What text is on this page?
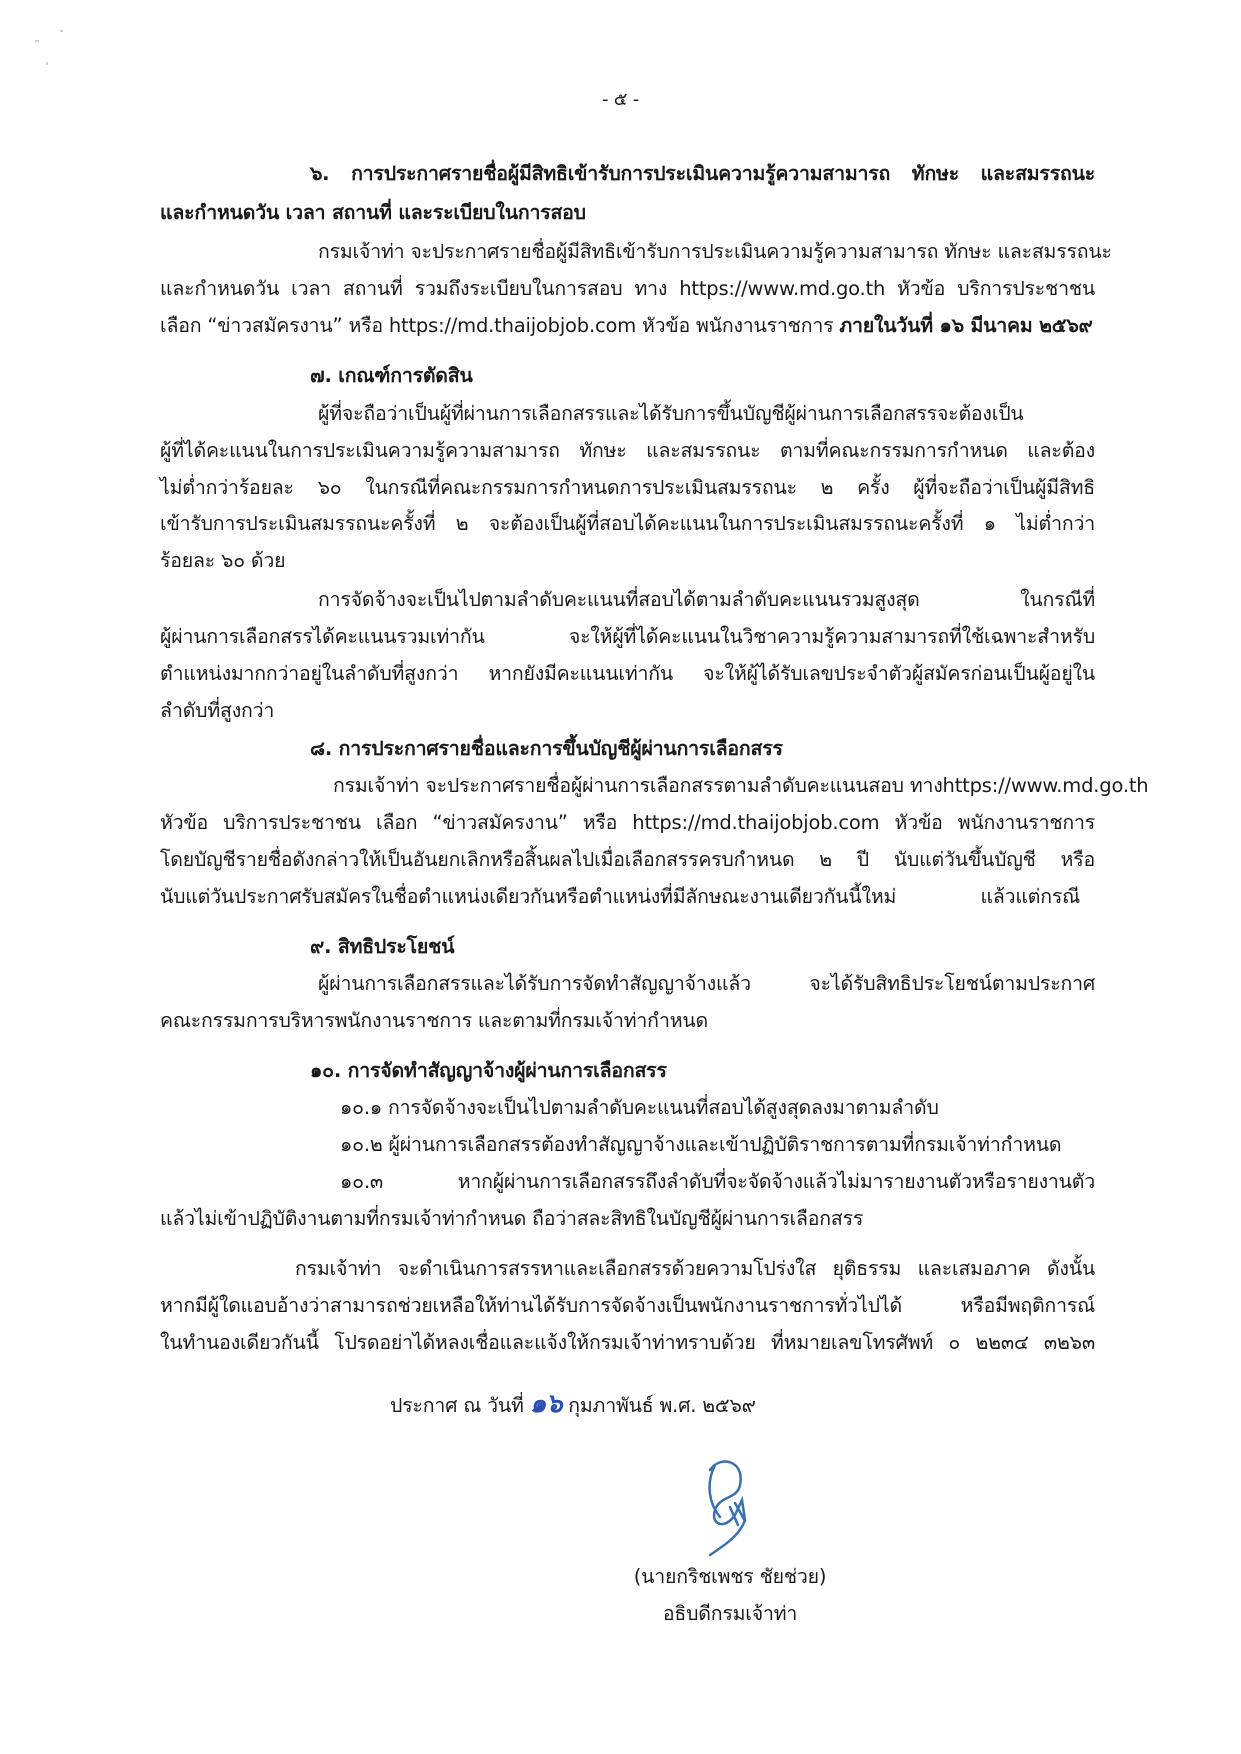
- ๕ -
๖. การประกาศรายชื่อผู้มีสิทธิเข้ารับการประเมินความรู้ความสามารถ ทักษะ และสมรรถนะ
และกำหนดวัน เวลา สถานที่ และระเบียบในการสอบ
กรมเจ้าท่า จะประกาศรายชื่อผู้มีสิทธิเข้ารับการประเมินความรู้ความสามารถ ทักษะ และสมรรถนะ
และกำหนดวัน เวลา สถานที่ รวมถึงระเบียบในการสอบ ทาง https://www.md.go.th หัวข้อ บริการประชาชน
เลือก “ข่าวสมัครงาน” หรือ https://md.thaijobjob.com หัวข้อ พนักงานราชการ ภายในวันที่ ๑๖ มีนาคม ๒๕๖๙
๗. เกณฑ์การตัดสิน
ผู้ที่จะถือว่าเป็นผู้ที่ผ่านการเลือกสรรและได้รับการขึ้นบัญชีผู้ผ่านการเลือกสรรจะต้องเป็น
ผู้ที่ได้คะแนนในการประเมินความรู้ความสามารถ ทักษะ และสมรรถนะ ตามที่คณะกรรมการกำหนด และต้อง
ไม่ต่ำกว่าร้อยละ ๖๐ ในกรณีที่คณะกรรมการกำหนดการประเมินสมรรถนะ ๒ ครั้ง ผู้ที่จะถือว่าเป็นผู้มีสิทธิ
เข้ารับการประเมินสมรรถนะครั้งที่ ๒ จะต้องเป็นผู้ที่สอบได้คะแนนในการประเมินสมรรถนะครั้งที่ ๑ ไม่ต่ำกว่า
ร้อยละ ๖๐ ด้วย
การจัดจ้างจะเป็นไปตามลำดับคะแนนที่สอบได้ตามลำดับคะแนนรวมสูงสุด ในกรณีที่
ผู้ผ่านการเลือกสรรได้คะแนนรวมเท่ากัน จะให้ผู้ที่ได้คะแนนในวิชาความรู้ความสามารถที่ใช้เฉพาะสำหรับ
ตำแหน่งมากกว่าอยู่ในลำดับที่สูงกว่า หากยังมีคะแนนเท่ากัน จะให้ผู้ได้รับเลขประจำตัวผู้สมัครก่อนเป็นผู้อยู่ใน
ลำดับที่สูงกว่า
๘. การประกาศรายชื่อและการขึ้นบัญชีผู้ผ่านการเลือกสรร
กรมเจ้าท่า จะประกาศรายชื่อผู้ผ่านการเลือกสรรตามลำดับคะแนนสอบ ทางhttps://www.md.go.th
หัวข้อ บริการประชาชน เลือก “ข่าวสมัครงาน” หรือ https://md.thaijobjob.com หัวข้อ พนักงานราชการ
โดยบัญชีรายชื่อดังกล่าวให้เป็นอันยกเลิกหรือสิ้นผลไปเมื่อเลือกสรรครบกำหนด ๒ ปี นับแต่วันขึ้นบัญชี หรือ
นับแต่วันประกาศรับสมัครในชื่อตำแหน่งเดียวกันหรือตำแหน่งที่มีลักษณะงานเดียวกันนี้ใหม่ แล้วแต่กรณี
๙. สิทธิประโยชน์
ผู้ผ่านการเลือกสรรและได้รับการจัดทำสัญญาจ้างแล้ว จะได้รับสิทธิประโยชน์ตามประกาศ
คณะกรรมการบริหารพนักงานราชการ และตามที่กรมเจ้าท่ากำหนด
๑๐. การจัดทำสัญญาจ้างผู้ผ่านการเลือกสรร
๑๐.๑ การจัดจ้างจะเป็นไปตามลำดับคะแนนที่สอบได้สูงสุดลงมาตามลำดับ
๑๐.๒ ผู้ผ่านการเลือกสรรต้องทำสัญญาจ้างและเข้าปฏิบัติราชการตามที่กรมเจ้าท่ากำหนด
๑๐.๓ หากผู้ผ่านการเลือกสรรถึงลำดับที่จะจัดจ้างแล้วไม่มารายงานตัวหรือรายงานตัว
แล้วไม่เข้าปฏิบัติงานตามที่กรมเจ้าท่ากำหนด ถือว่าสละสิทธิในบัญชีผู้ผ่านการเลือกสรร
กรมเจ้าท่า จะดำเนินการสรรหาและเลือกสรรด้วยความโปร่งใส ยุติธรรม และเสมอภาค ดังนั้น
หากมีผู้ใดแอบอ้างว่าสามารถช่วยเหลือให้ท่านได้รับการจัดจ้างเป็นพนักงานราชการทั่วไปได้ หรือมีพฤติการณ์
ในทำนองเดียวกันนี้ โปรดอย่าได้หลงเชื่อและแจ้งให้กรมเจ้าท่าทราบด้วย ที่หมายเลขโทรศัพท์ ๐ ๒๒๓๔ ๓๒๖๓
ประกาศ ณ วันที่ ๑๖ กุมภาพันธ์ พ.ศ. ๒๕๖๙
(นายกริชเพชร ชัยช่วย)
อธิบดีกรมเจ้าท่า
